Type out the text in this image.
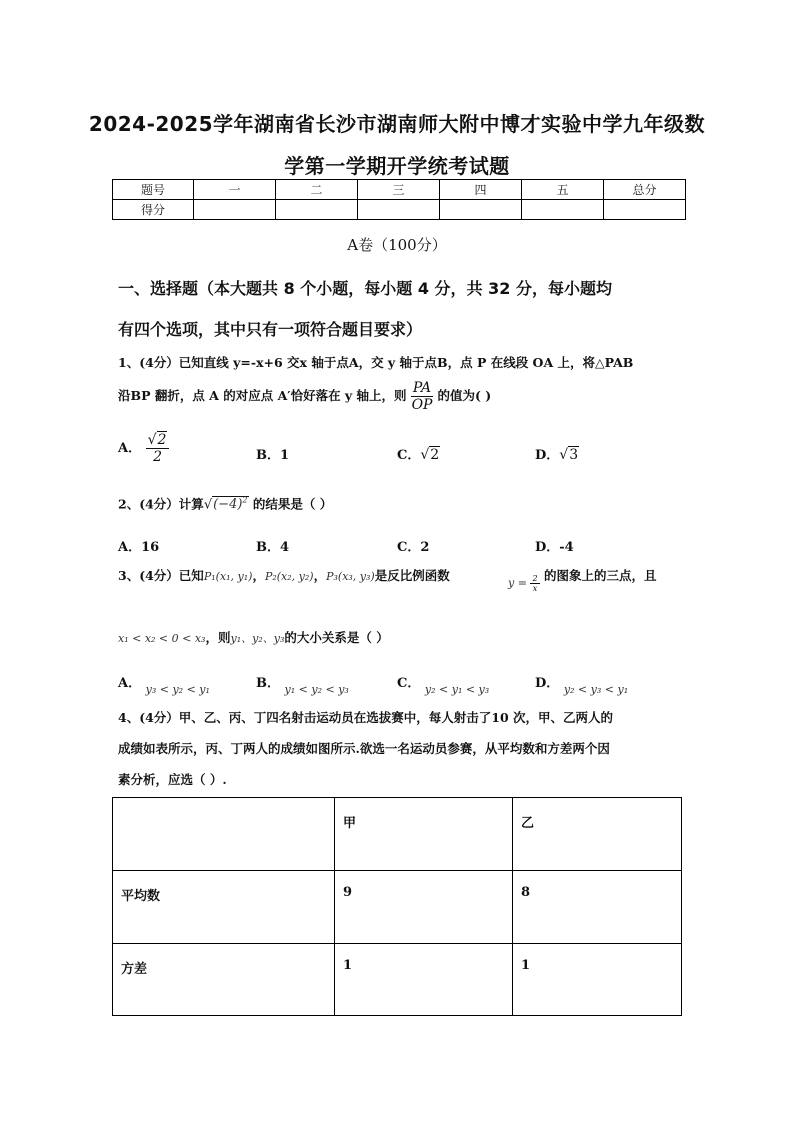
2024-2025学年湖南省长沙市湖南师大附中博才实验中学九年级数
学第一学期开学统考试题
题号	一	二	三	四	五	总分
得分						
A卷（100分）
一、选择题（本大题共 8 个小题，每小题 4 分，共 32 分，每小题均
有四个选项，其中只有一项符合题目要求）
1、(4分）已知直线 y=-x+6 交x 轴于点A，交 y 轴于点B，点 P 在线段 OA 上，将△PAB
沿BP 翻折，点 A 的对应点 A′恰好落在 y 轴上，则 $\frac{PA}{OP}$ 的值为( )
A． $\frac{√2}{2}$	B．1	C．√2	D．√3
2、(4分）计算$√(-4)^2$ 的结果是（ ）
A．16	B．4	C．2	D．-4
3、(4分）已知P₁(x₁, y₁)，P₂(x₂, y₂)，P₃(x₃, y₃)是反比例函数
$y = \frac{2}{x}$ 的图象上的三点，且
x₁ < x₂ < 0 < x₃，则y₁、y₂、y₃的大小关系是（ ）
A． $_{y_3 < y_2 < y_1}$	B． $_{y_1 < y_2 < y_3}$	C． $_{y_2 < y_1 < y_3}$	D． $_{y_2 < y_3 < y_1}$
4、(4分）甲、乙、丙、丁四名射击运动员在选拔赛中，每人射击了10 次，甲、乙两人的
成绩如表所示，丙、丁两人的成绩如图所示.欲选一名运动员参赛，从平均数和方差两个因
素分析，应选（ ）.
	甲	乙
平均数	9	8
方差	1	1
